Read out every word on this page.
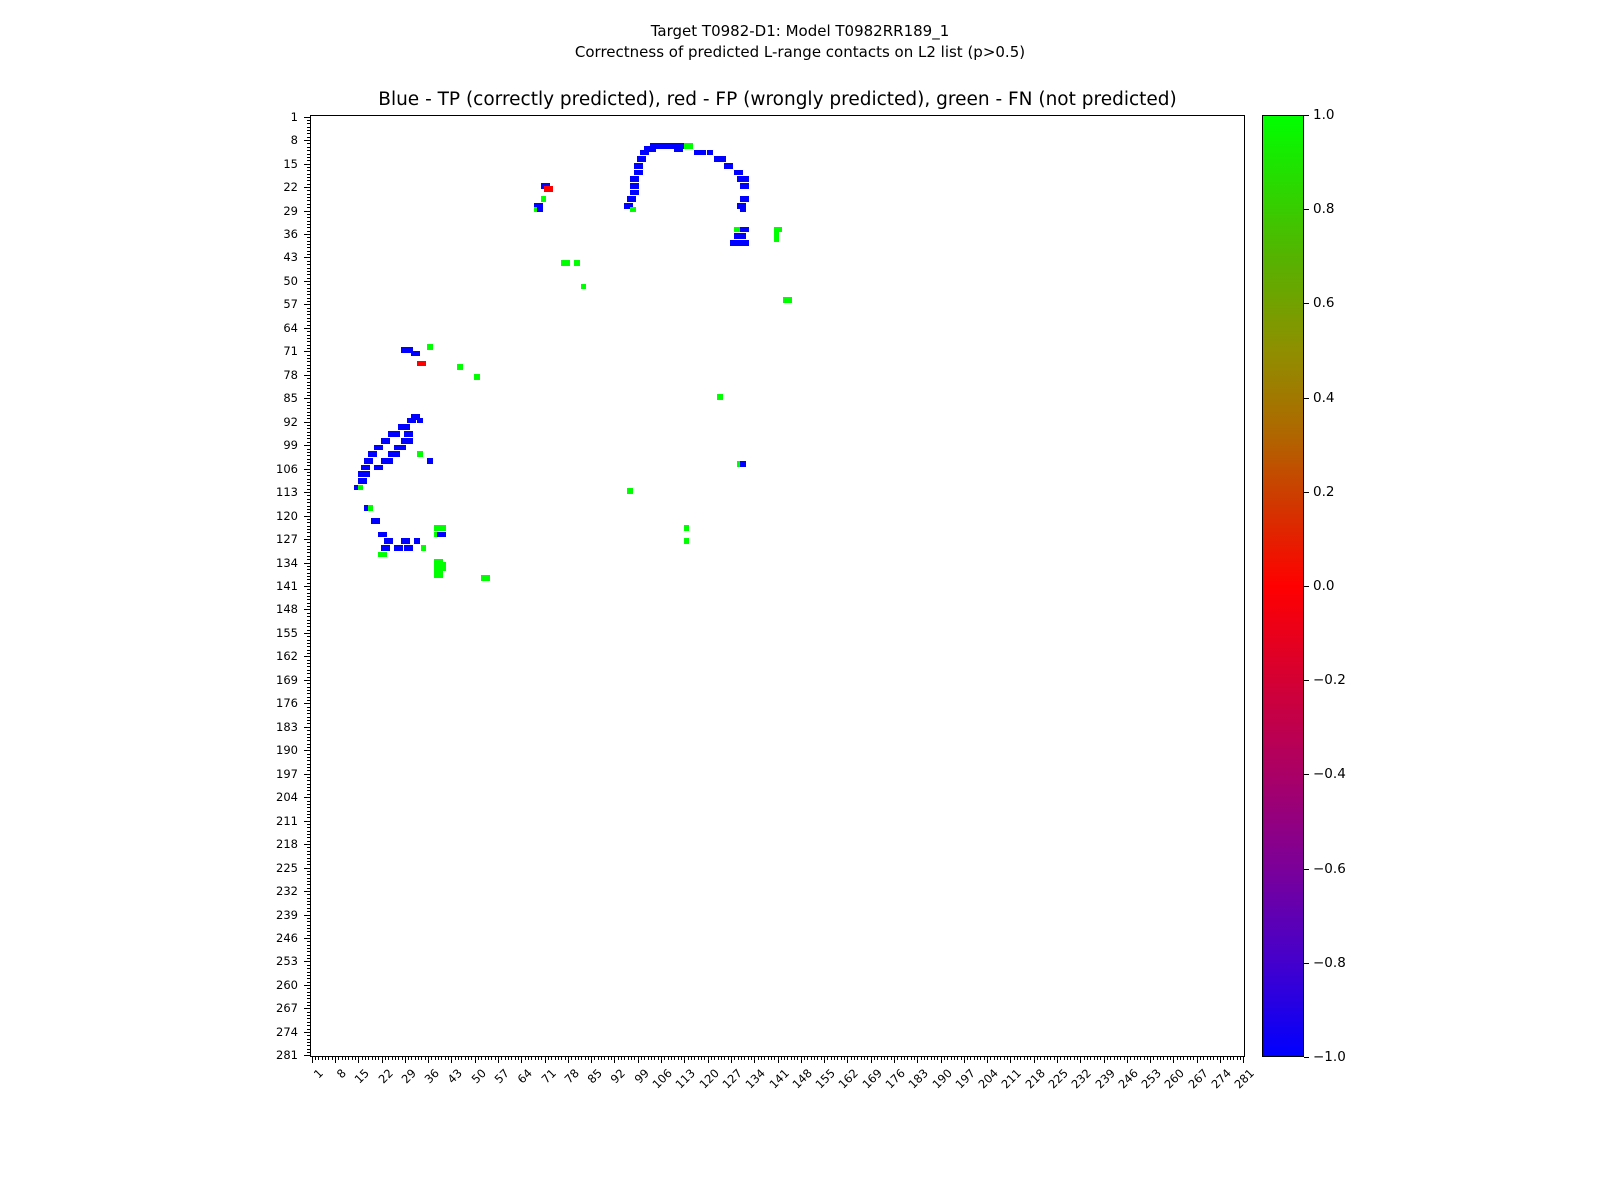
Target T0982-D1: Model T0982RR189_1
Correctness of predicted L-range contacts on L2 list (p>0.5)
Blue - TP (correctly predicted), red - FP (wrongly predicted), green - FN (not predicted)
1
1
8
8
15
15
22
22
29
29
36
36
43
43
50
50
57
57
64
64
71
71
78
78
85
85
92
92
99
99
106
106
113
113
120
120
127
127
134
134
141
141
148
148
155
155
162
162
169
169
176
176
183
183
190
190
197
197
204
204
211
211
218
218
225
225
232
232
239
239
246
246
253
253
260
260
267
267
274
274
281
281
1.0
0.8
0.6
0.4
0.2
0.0
−0.2
−0.4
−0.6
−0.8
−1.0
